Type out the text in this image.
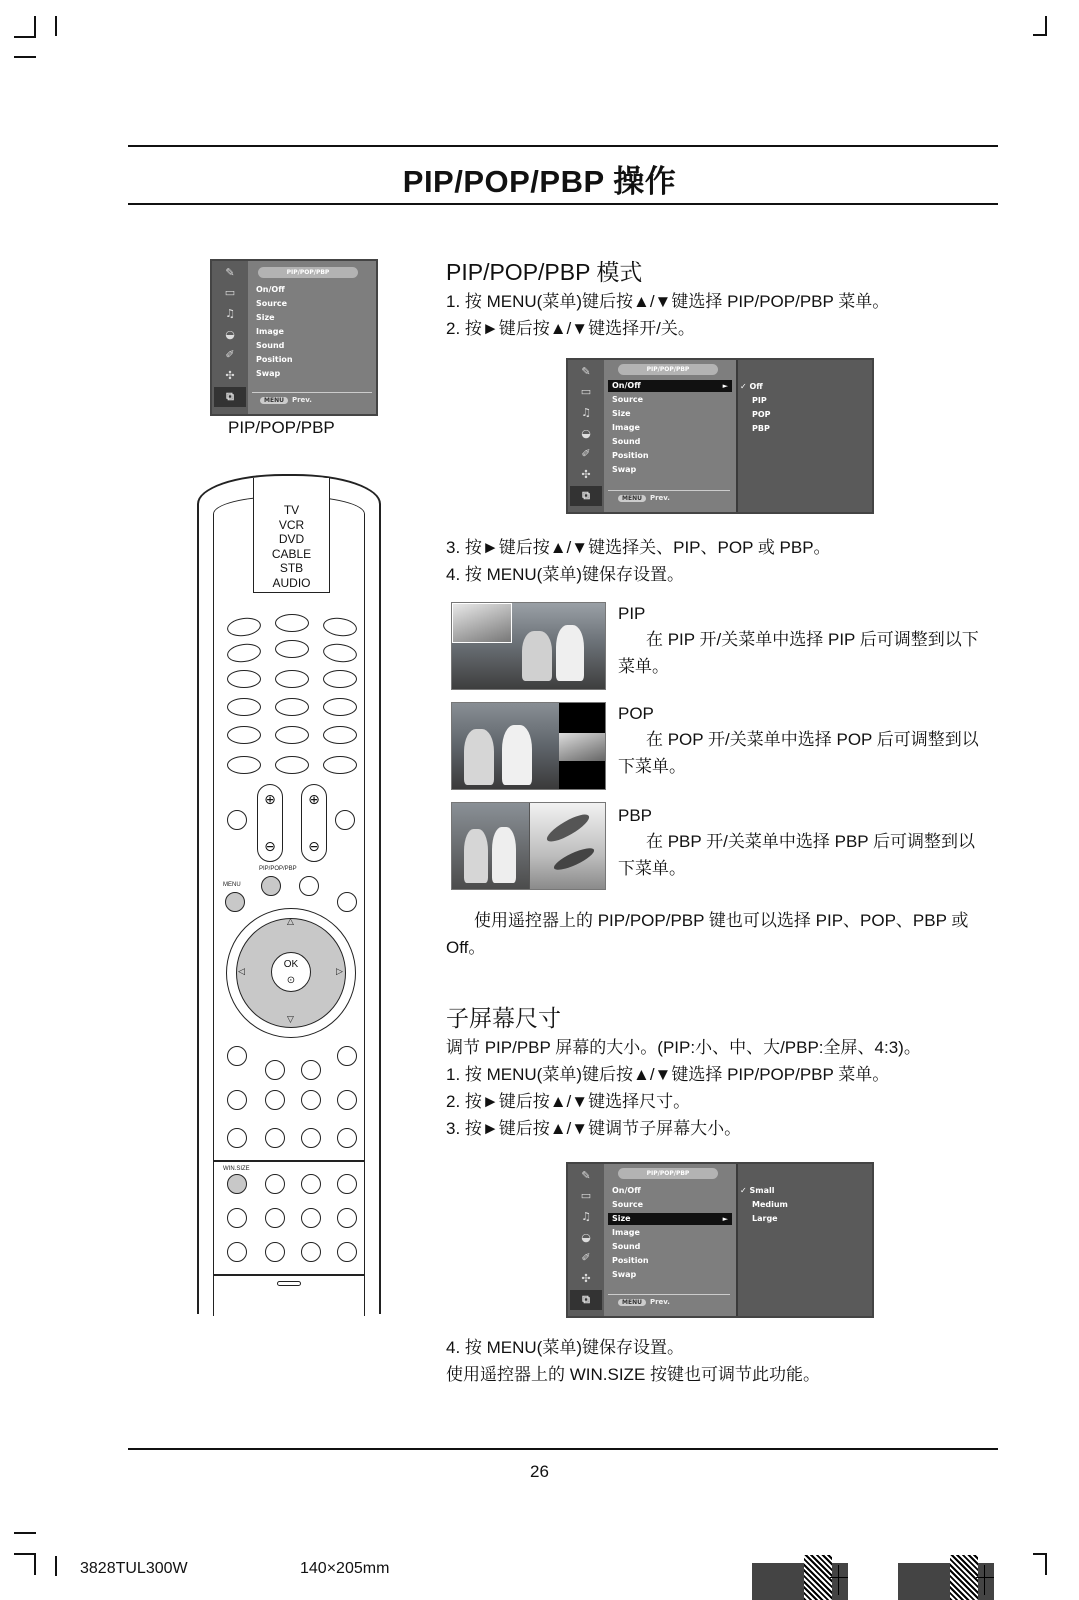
PIP/POP/PBP 操作
✎
▭
♫
◒
✐
✣
⧉
PIP/POP/PBP
On/Off
Source
Size
Image
Sound
Position
Swap
MENU Prev.
PIP/POP/PBP
TV
VCR
DVD
CABLE
STB
AUDIO
⊕
⊖
⊕
⊖
PIP/POP/PBP
MENU
△
▽
◁	▷
OK
⊙
WIN.SIZE
PIP/POP/PBP 模式
1. 按 MENU(菜单)键后按▲/▼键选择 PIP/POP/PBP 菜单。
2. 按►键后按▲/▼键选择开/关。
✎
▭
♫
◒
✐
✣
⧉
PIP/POP/PBP
On/Off	►
Source
Size
Image
Sound
Position
Swap
MENU Prev.
✓ Off
PIP
POP
PBP
3. 按►键后按▲/▼键选择关、PIP、POP 或 PBP。
4. 按 MENU(菜单)键保存设置。
PIP
在 PIP 开/关菜单中选择 PIP 后可调整到以下菜单。
POP
在 POP 开/关菜单中选择 POP 后可调整到以下菜单。
PBP
在 PBP 开/关菜单中选择 PBP 后可调整到以下菜单。
使用遥控器上的 PIP/POP/PBP 键也可以选择 PIP、POP、PBP 或 Off。
子屏幕尺寸
调节 PIP/PBP 屏幕的大小。(PIP:小、中、大/PBP:全屏、4:3)。
1. 按 MENU(菜单)键后按▲/▼键选择 PIP/POP/PBP 菜单。
2. 按►键后按▲/▼键选择尺寸。
3. 按►键后按▲/▼键调节子屏幕大小。
✎
▭
♫
◒
✐
✣
⧉
PIP/POP/PBP
On/Off
Source
Size	►
Image
Sound
Position
Swap
MENU Prev.
✓ Small
Medium
Large
4. 按 MENU(菜单)键保存设置。
使用遥控器上的 WIN.SIZE 按键也可调节此功能。
26
3828TUL300W	140×205mm
